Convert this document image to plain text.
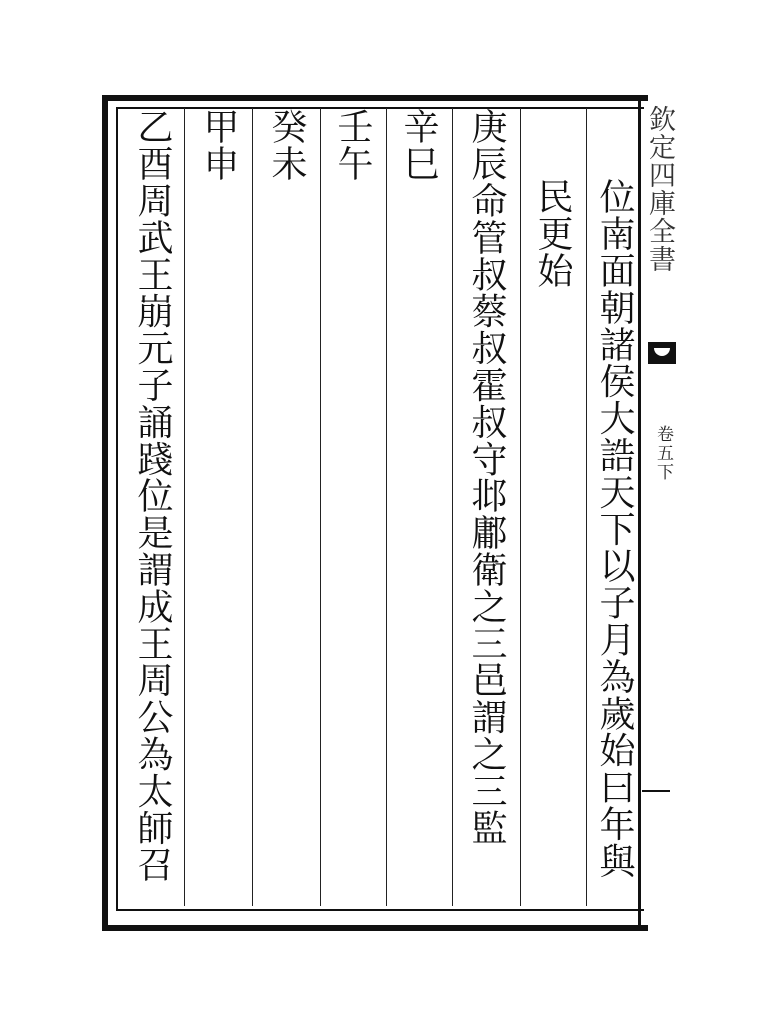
位南面朝諸侯大誥天下以子月為歲始曰年與
民更始
庚辰命管叔蔡叔霍叔守邶鄘衛之三邑謂之三監
辛巳
壬午
癸未
甲申
乙酉周武王崩元子誦踐位是謂成王周公為太師召	欽定四庫全書
卷五下
